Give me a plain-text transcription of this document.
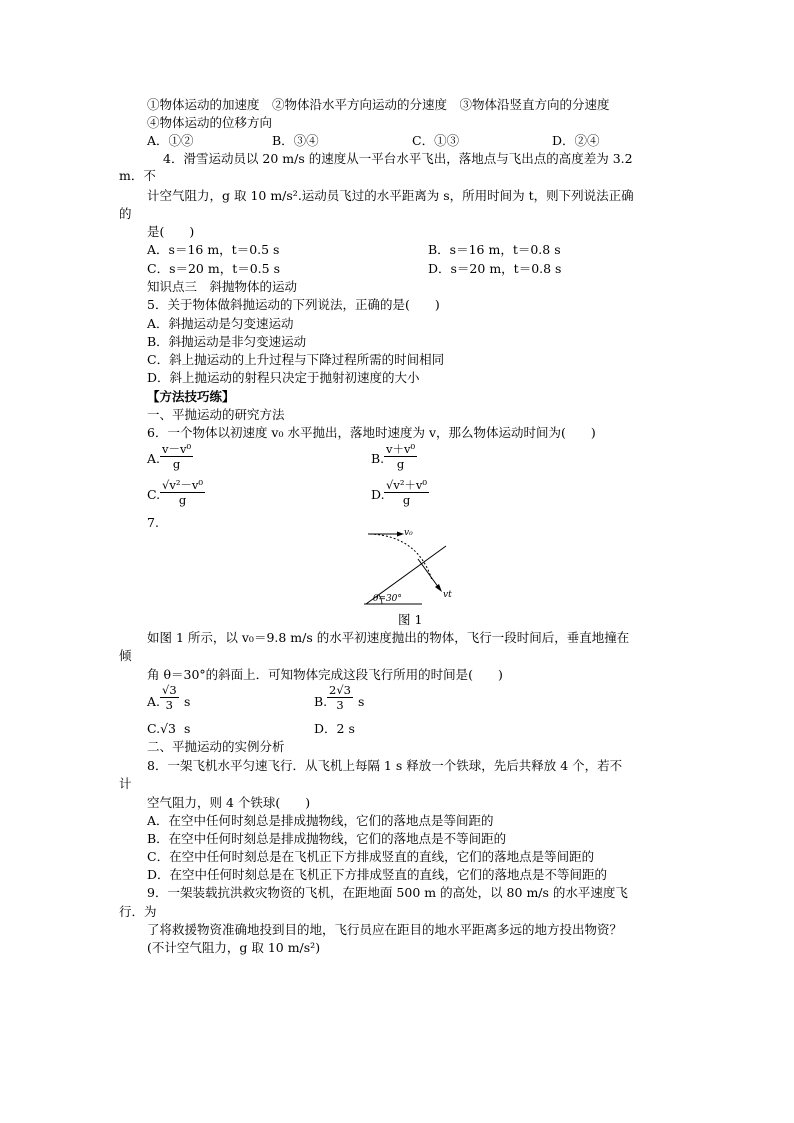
①物体运动的加速度　②物体沿水平方向运动的分速度　③物体沿竖直方向的分速度
④物体运动的位移方向
A．①②	B．③④	C．①③	D．②④
4．滑雪运动员以 20 m/s 的速度从一平台水平飞出，落地点与飞出点的高度差为 3.2
m．不
计空气阻力，g 取 10 m/s².运动员飞过的水平距离为 s，所用时间为 t，则下列说法正确
的
是(　　)
A．s＝16 m，t＝0.5 s	B．s＝16 m，t＝0.8 s
C．s＝20 m，t＝0.5 s	D．s＝20 m，t＝0.8 s
知识点三　斜抛物体的运动
5．关于物体做斜抛运动的下列说法，正确的是(　　)
A．斜抛运动是匀变速运动
B．斜抛运动是非匀变速运动
C．斜上抛运动的上升过程与下降过程所需的时间相同
D．斜上抛运动的射程只决定于抛射初速度的大小
【方法技巧练】
一、平抛运动的研究方法
6．一个物体以初速度 v₀ 水平抛出，落地时速度为 v，那么物体运动时间为(　　)
A. $\frac{\text{v－v⁰}}{g}$	B. $\frac{\text{v＋v⁰}}{g}$
C. $\frac{\text{√v²－v⁰}}{g}$	D. $\frac{\text{√v²＋v⁰}}{g}$
7.
v₀
vt
θ=30°
图 1
如图 1 所示，以 v₀＝9.8 m/s 的水平初速度抛出的物体，飞行一段时间后，垂直地撞在
倾
角 θ＝30°的斜面上．可知物体完成这段飞行所用的时间是(　　)
A. $\frac{√3}{3}$ s	B. $\frac{2√3}{3}$ s
C.√3  s	D．2 s
二、平抛运动的实例分析
8．一架飞机水平匀速飞行．从飞机上每隔 1 s 释放一个铁球，先后共释放 4 个，若不
计
空气阻力，则 4 个铁球(　　)
A．在空中任何时刻总是排成抛物线，它们的落地点是等间距的
B．在空中任何时刻总是排成抛物线，它们的落地点是不等间距的
C．在空中任何时刻总是在飞机正下方排成竖直的直线，它们的落地点是等间距的
D．在空中任何时刻总是在飞机正下方排成竖直的直线，它们的落地点是不等间距的
9．一架装载抗洪救灾物资的飞机，在距地面 500 m 的高处，以 80 m/s 的水平速度飞
行．为
了将救援物资准确地投到目的地，飞行员应在距目的地水平距离多远的地方投出物资？
(不计空气阻力，g 取 10 m/s²)
